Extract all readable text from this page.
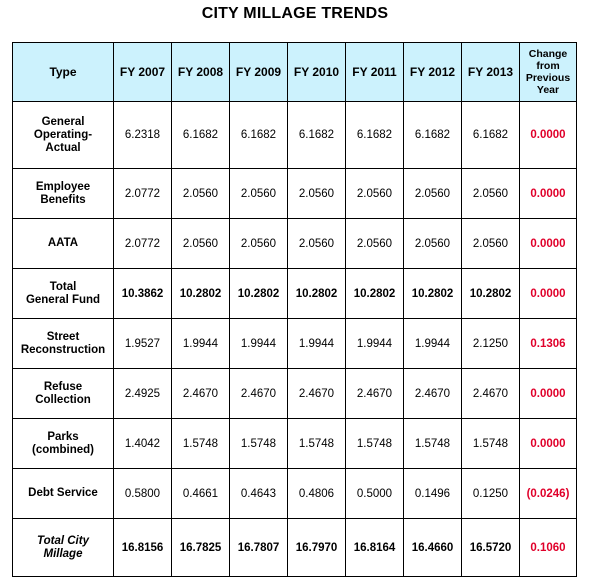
CITY MILLAGE TRENDS
Type	FY 2007	FY 2008	FY 2009	FY 2010	FY 2011	FY 2012	FY 2013	Change
from
Previous
Year
General
Operating-
Actual	6.2318	6.1682	6.1682	6.1682	6.1682	6.1682	6.1682	0.0000
Employee
Benefits	2.0772	2.0560	2.0560	2.0560	2.0560	2.0560	2.0560	0.0000
AATA	2.0772	2.0560	2.0560	2.0560	2.0560	2.0560	2.0560	0.0000
Total
General Fund	10.3862	10.2802	10.2802	10.2802	10.2802	10.2802	10.2802	0.0000
Street
Reconstruction	1.9527	1.9944	1.9944	1.9944	1.9944	1.9944	2.1250	0.1306
Refuse
Collection	2.4925	2.4670	2.4670	2.4670	2.4670	2.4670	2.4670	0.0000
Parks
(combined)	1.4042	1.5748	1.5748	1.5748	1.5748	1.5748	1.5748	0.0000
Debt Service	0.5800	0.4661	0.4643	0.4806	0.5000	0.1496	0.1250	(0.0246)
Total City
Millage	16.8156	16.7825	16.7807	16.7970	16.8164	16.4660	16.5720	0.1060
